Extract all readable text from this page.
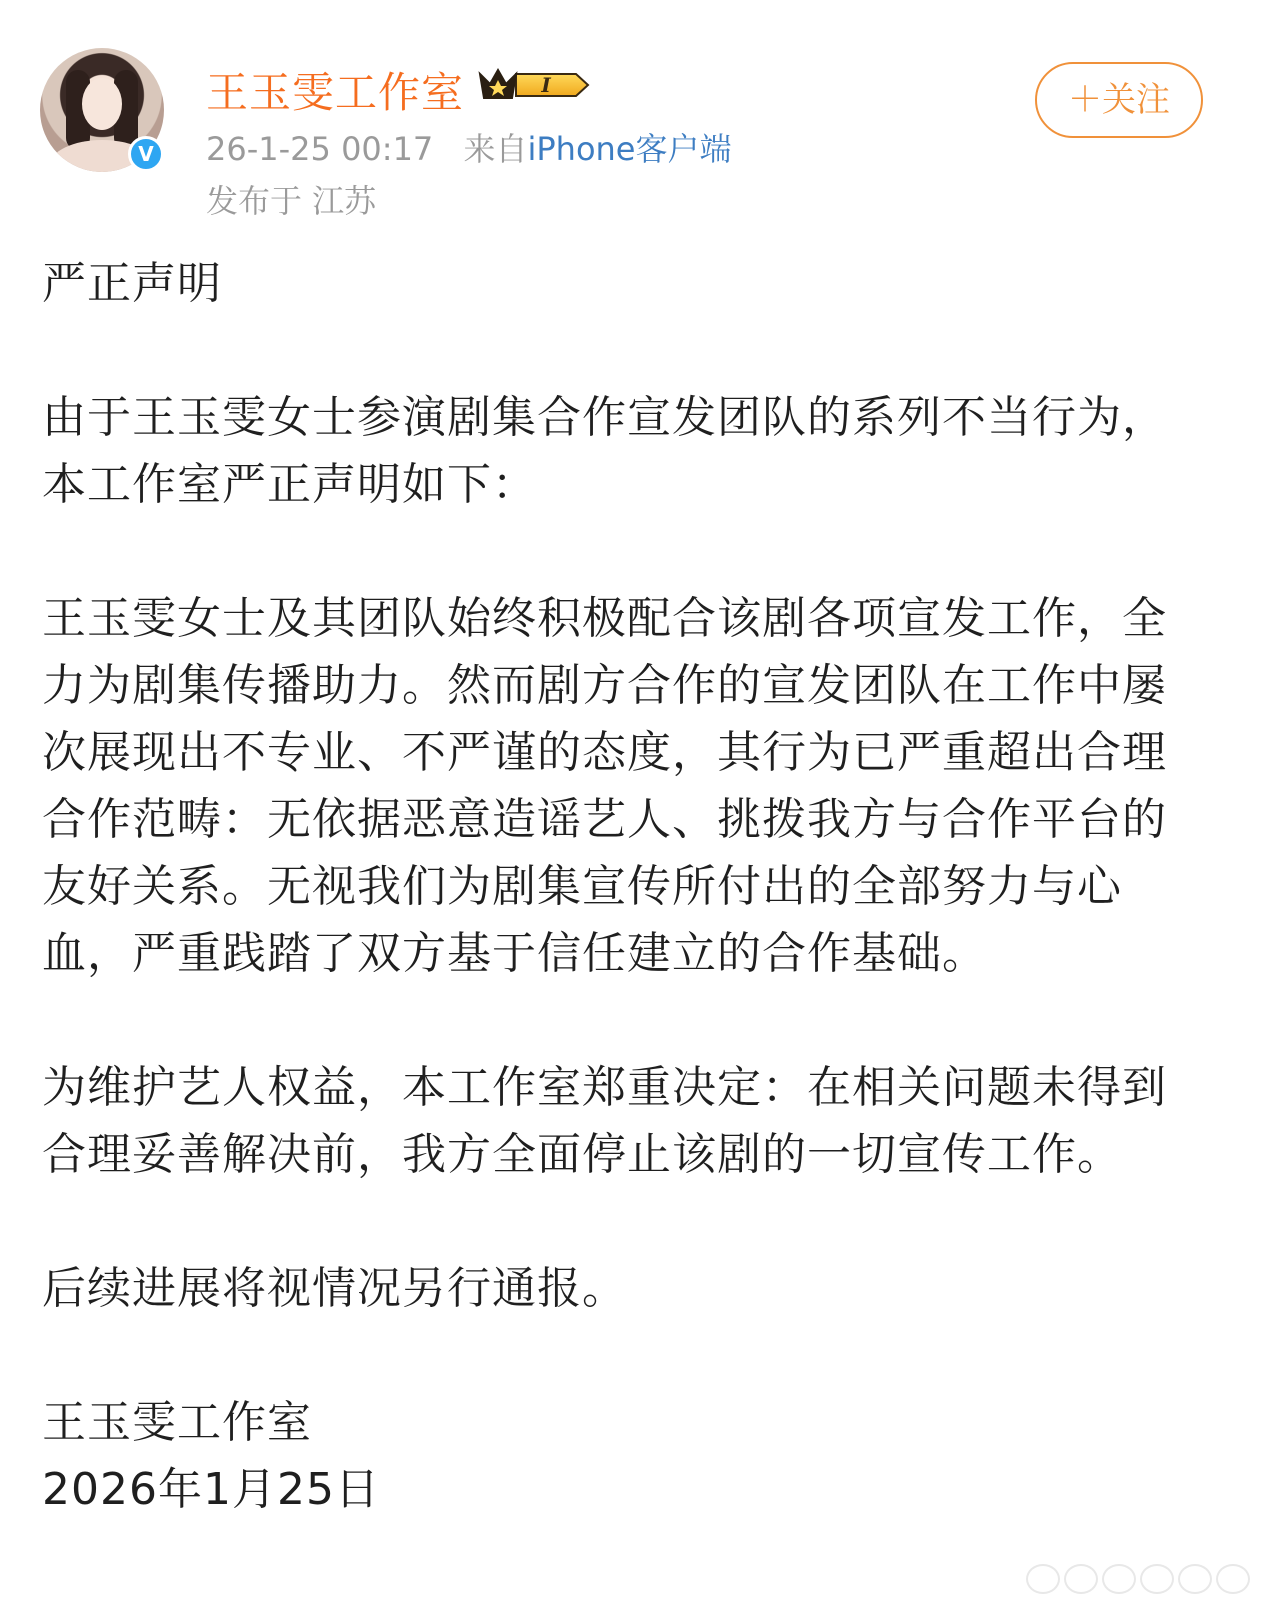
V
王玉雯工作室	I
26-1-25 00:17 来自iPhone客户端
发布于 江苏
＋关注

严正声明

由于王玉雯女士参演剧集合作宣发团队的系列不当行为，
本工作室严正声明如下：

王玉雯女士及其团队始终积极配合该剧各项宣发工作，全
力为剧集传播助力。然而剧方合作的宣发团队在工作中屡
次展现出不专业、不严谨的态度，其行为已严重超出合理
合作范畴：无依据恶意造谣艺人、挑拨我方与合作平台的
友好关系。无视我们为剧集宣传所付出的全部努力与心
血，严重践踏了双方基于信任建立的合作基础。

为维护艺人权益，本工作室郑重决定：在相关问题未得到
合理妥善解决前，我方全面停止该剧的一切宣传工作。

后续进展将视情况另行通报。

王玉雯工作室

2026年1月25日
